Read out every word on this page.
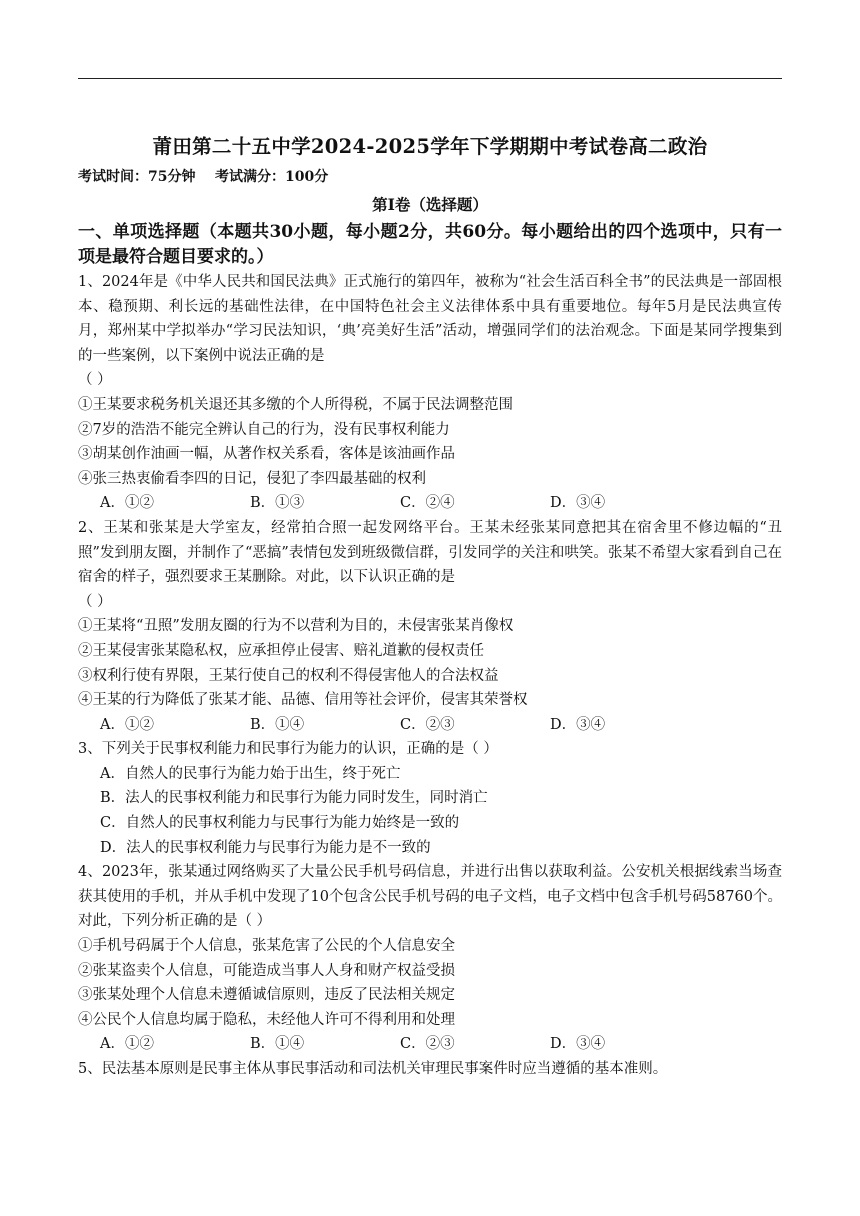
莆田第二十五中学2024-2025学年下学期期中考试卷高二政治
考试时间：75分钟    考试满分：100分
第Ⅰ卷（选择题）
一、单项选择题（本题共30小题，每小题2分，共60分。每小题给出的四个选项中，只有一项是最符合题目要求的。）
1、2024年是《中华人民共和国民法典》正式施行的第四年，被称为“社会生活百科全书”的民法典是一部固根本、稳预期、利长远的基础性法律，在中国特色社会主义法律体系中具有重要地位。每年5月是民法典宣传月，郑州某中学拟举办“学习民法知识，‘典’亮美好生活”活动，增强同学们的法治观念。下面是某同学搜集到的一些案例，以下案例中说法正确的是
（ ）
①王某要求税务机关退还其多缴的个人所得税，不属于民法调整范围
②7岁的浩浩不能完全辨认自己的行为，没有民事权利能力
③胡某创作油画一幅，从著作权关系看，客体是该油画作品
④张三热衷偷看李四的日记，侵犯了李四最基础的权利
A．①②	B．①③	C．②④	D．③④
2、王某和张某是大学室友，经常拍合照一起发网络平台。王某未经张某同意把其在宿舍里不修边幅的“丑照”发到朋友圈，并制作了“恶搞”表情包发到班级微信群，引发同学的关注和哄笑。张某不希望大家看到自己在宿舍的样子，强烈要求王某删除。对此，以下认识正确的是
（ ）
①王某将“丑照”发朋友圈的行为不以营利为目的，未侵害张某肖像权
②王某侵害张某隐私权，应承担停止侵害、赔礼道歉的侵权责任
③权利行使有界限，王某行使自己的权利不得侵害他人的合法权益
④王某的行为降低了张某才能、品德、信用等社会评价，侵害其荣誉权
A．①②	B．①④	C．②③	D．③④
3、下列关于民事权利能力和民事行为能力的认识，正确的是（ ）
A．自然人的民事行为能力始于出生，终于死亡
B．法人的民事权利能力和民事行为能力同时发生，同时消亡
C．自然人的民事权利能力与民事行为能力始终是一致的
D．法人的民事权利能力与民事行为能力是不一致的
4、2023年，张某通过网络购买了大量公民手机号码信息，并进行出售以获取利益。公安机关根据线索当场查获其使用的手机，并从手机中发现了10个包含公民手机号码的电子文档，电子文档中包含手机号码58760个。对此，下列分析正确的是（ ）
①手机号码属于个人信息，张某危害了公民的个人信息安全
②张某盗卖个人信息，可能造成当事人人身和财产权益受损
③张某处理个人信息未遵循诚信原则，违反了民法相关规定
④公民个人信息均属于隐私，未经他人许可不得利用和处理
A．①②	B．①④	C．②③	D．③④
5、民法基本原则是民事主体从事民事活动和司法机关审理民事案件时应当遵循的基本准则。
